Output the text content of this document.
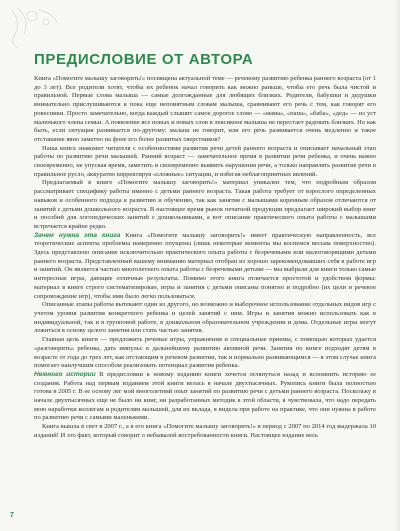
ПРЕДИСЛОВИЕ ОТ АВТОРА

Книга «Помогите малышу заговорить!» посвящена актуальной теме — речевому развитию ребенка раннего возраста (от 1 до 3 лет). Все родители хотят, чтобы их ребенок начал говорить как можно раньше, чтобы его речь была чистой и правильной. Первые слова малыша — самые долгожданные для любящих близких. Родители, бабушки и дедушки внимательно прислушиваются к пока еще непонятным словам малыша, сравнивают его речь с тем, как говорят его ровесники. Просто замечательно, когда каждый слышит самое дорогое слово — «мама», «папа», «баба», «дед» — из уст маленького члена семьи. А появление все новых и новых слов в лексиконе малыша не перестает радовать близких. Но как быть, если ситуация развивается по-другому: малыш не говорит, или его речь развивается очень медленно и такое отставание явно заметно на фоне его более развитых сверстников?

Наша книга знакомит читателя с особенностями развития речи детей раннего возраста и описывает начальный этап работы по развитию речи малышей. Ранний возраст — замечательное время в развитии речи ребенка, и очень важно своевременно, не упуская время, заметить и своевременно выявить нарушения речи, а только направлять развитие речи в правильное русло, аккуратно корректируя «сложные» ситуации, и избегая неблагоприятных явлений.

Предлагаемый в книге «Помогите малышу заговорить!» материал уникален тем, что подробным образом рассматривает специфику работы именно с детьми раннего возраста. Такая работа требует от взрослого определенных навыков и особенного подхода к развитию и обучению, так как занятия с малышами коренным образом отличаются от занятий с детьми дошкольного возраста. В настоящее время рынок печатной продукции предлагает широкий выбор книг и пособий для логопедических занятий с дошкольниками, а вот описание практического опыта работы с малышами встречается крайне редко.

Зачем нужна эта книга Книга «Помогите малышу заговорить!» имеет практическую направленность, все теоретические аспекты проблемы намеренно опущены (лишь некоторые моменты мы коснемся весьма поверхностно). Здесь представлено описание исключительно практического опыта работы с безречевыми или малоговорящими детьми раннего возраста. Представленный вашему вниманию материал отобран из хорошо зарекомендовавших себя в работе игр и занятий. Он является частью многолетнего опыта работы с безречевыми детьми — мы выбрали для книги только самые интересные игры, дающие отличные результаты. Помимо этого книга отличается простотой и удобством формы: материал в книге строго систематизирован, игры и занятия с детьми описаны понятно и подробно (их цели и речевое сопровождение игр), чтобы ими было легко пользоваться.

Описанные этапы работы вытекают один из другого, но возможно и выборочное использование отдельных видов игр с учетом уровня развития конкретного ребенка и целей занятий с ним. Игры и занятия можно использовать как в индивидуальной, так и в групповой работе, в дошкольном образовательном учреждении и дома. Отдельные игры могут ложиться в основу целого занятия или стать частью занятия.

Главная цель книги — предложить речевые игры, упражнения и специальные приемы, с помощью которых удается «разговорить» ребенка, дать импульс к дальнейшему развитию активной речи. Занятия по книге подходят детям в возрасте от года до трех лет, как отстающим в речевом развитии, так и нормально развивающимся — в этом случае книга помогает наилучшим способом реализовать потенциал развития ребенка.

Немного истории В предисловии к новому изданию книги хочется оглянуться назад и вспомнить историю ее создания. Работа над первым изданием этой книги велась в начале двухтысячных. Рукопись книги была полностью готова в 2005 г. В ее основу лег мой многолетний опыт занятий по развитию речи с детьми раннего возраста. Поскольку в начале двухтысячных еще не было ни книг, ни разработанных методик в этой области, я чувствовала, что надо передать мою наработки коллегам и родителям малышей, для их вклада, я видела при работе на практике, что они нужны в работе по развитию речи с самыми маленькими.

Книга вышла в свет в 2007 г., а в его книга «Помогите малышу заговорить!» в период с 2007 по 2014 год выдержала 10 изданий! И это факт, который говорит о небывалой востребованности книги. Настоящее издание весь

7
